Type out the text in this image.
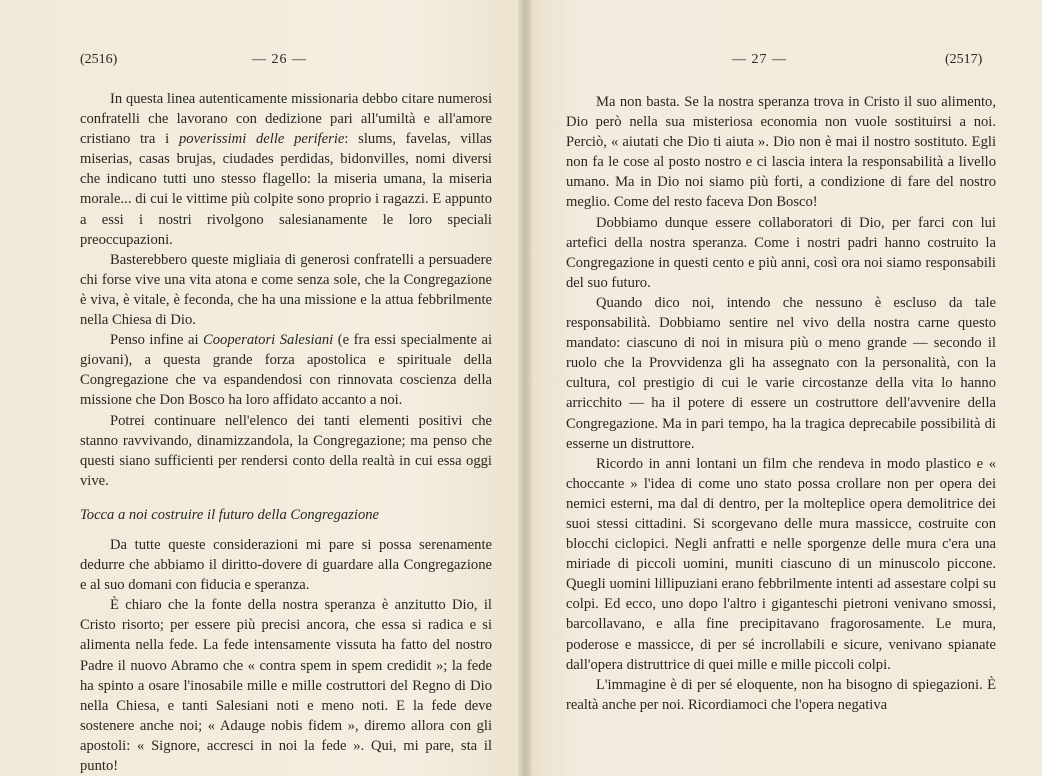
(2516)	— 26 —

In questa linea autenticamente missionaria debbo citare numerosi confratelli che lavorano con dedizione pari all'umiltà e all'amore cristiano tra i poverissimi delle periferie: slums, favelas, villas miserias, casas brujas, ciudades perdidas, bidonvilles, nomi diversi che indicano tutti uno stesso flagello: la miseria umana, la miseria morale... di cui le vittime più colpite sono proprio i ragazzi. E appunto a essi i nostri rivolgono salesianamente le loro speciali preoccupazioni.

Basterebbero queste migliaia di generosi confratelli a persuadere chi forse vive una vita atona e come senza sole, che la Congregazione è viva, è vitale, è feconda, che ha una missione e la attua febbrilmente nella Chiesa di Dio.

Penso infine ai Cooperatori Salesiani (e fra essi specialmente ai giovani), a questa grande forza apostolica e spirituale della Congregazione che va espandendosi con rinnovata coscienza della missione che Don Bosco ha loro affidato accanto a noi.

Potrei continuare nell'elenco dei tanti elementi positivi che stanno ravvivando, dinamizzandola, la Congregazione; ma penso che questi siano sufficienti per rendersi conto della realtà in cui essa oggi vive.

Tocca a noi costruire il futuro della Congregazione

Da tutte queste considerazioni mi pare si possa serenamente dedurre che abbiamo il diritto-dovere di guardare alla Congregazione e al suo domani con fiducia e speranza.

È chiaro che la fonte della nostra speranza è anzitutto Dio, il Cristo risorto; per essere più precisi ancora, che essa si radica e si alimenta nella fede. La fede intensamente vissuta ha fatto del nostro Padre il nuovo Abramo che « contra spem in spem credidit »; la fede ha spinto a osare l'inosabile mille e mille costruttori del Regno di Dio nella Chiesa, e tanti Salesiani noti e meno noti. E la fede deve sostenere anche noi; « Adauge nobis fidem », diremo allora con gli apostoli: « Signore, accresci in noi la fede ». Qui, mi pare, sta il punto!

— 27 —	(2517)

Ma non basta. Se la nostra speranza trova in Cristo il suo alimento, Dio però nella sua misteriosa economia non vuole sostituirsi a noi. Perciò, « aiutati che Dio ti aiuta ». Dio non è mai il nostro sostituto. Egli non fa le cose al posto nostro e ci lascia intera la responsabilità a livello umano. Ma in Dio noi siamo più forti, a condizione di fare del nostro meglio. Come del resto faceva Don Bosco!

Dobbiamo dunque essere collaboratori di Dio, per farci con lui artefici della nostra speranza. Come i nostri padri hanno costruito la Congregazione in questi cento e più anni, così ora noi siamo responsabili del suo futuro.

Quando dico noi, intendo che nessuno è escluso da tale responsabilità. Dobbiamo sentire nel vivo della nostra carne questo mandato: ciascuno di noi in misura più o meno grande — secondo il ruolo che la Provvidenza gli ha assegnato con la personalità, con la cultura, col prestigio di cui le varie circostanze della vita lo hanno arricchito — ha il potere di essere un costruttore dell'avvenire della Congregazione. Ma in pari tempo, ha la tragica deprecabile possibilità di esserne un distruttore.

Ricordo in anni lontani un film che rendeva in modo plastico e « choccante » l'idea di come uno stato possa crollare non per opera dei nemici esterni, ma dal di dentro, per la molteplice opera demolitrice dei suoi stessi cittadini. Si scorgevano delle mura massicce, costruite con blocchi ciclopici. Negli anfratti e nelle sporgenze delle mura c'era una miriade di piccoli uomini, muniti ciascuno di un minuscolo piccone. Quegli uomini lillipuziani erano febbrilmente intenti ad assestare colpi su colpi. Ed ecco, uno dopo l'altro i giganteschi pietroni venivano smossi, barcollavano, e alla fine precipitavano fragorosamente. Le mura, poderose e massicce, di per sé incrollabili e sicure, venivano spianate dall'opera distruttrice di quei mille e mille piccoli colpi.

L'immagine è di per sé eloquente, non ha bisogno di spiegazioni. È realtà anche per noi. Ricordiamoci che l'opera negativa
